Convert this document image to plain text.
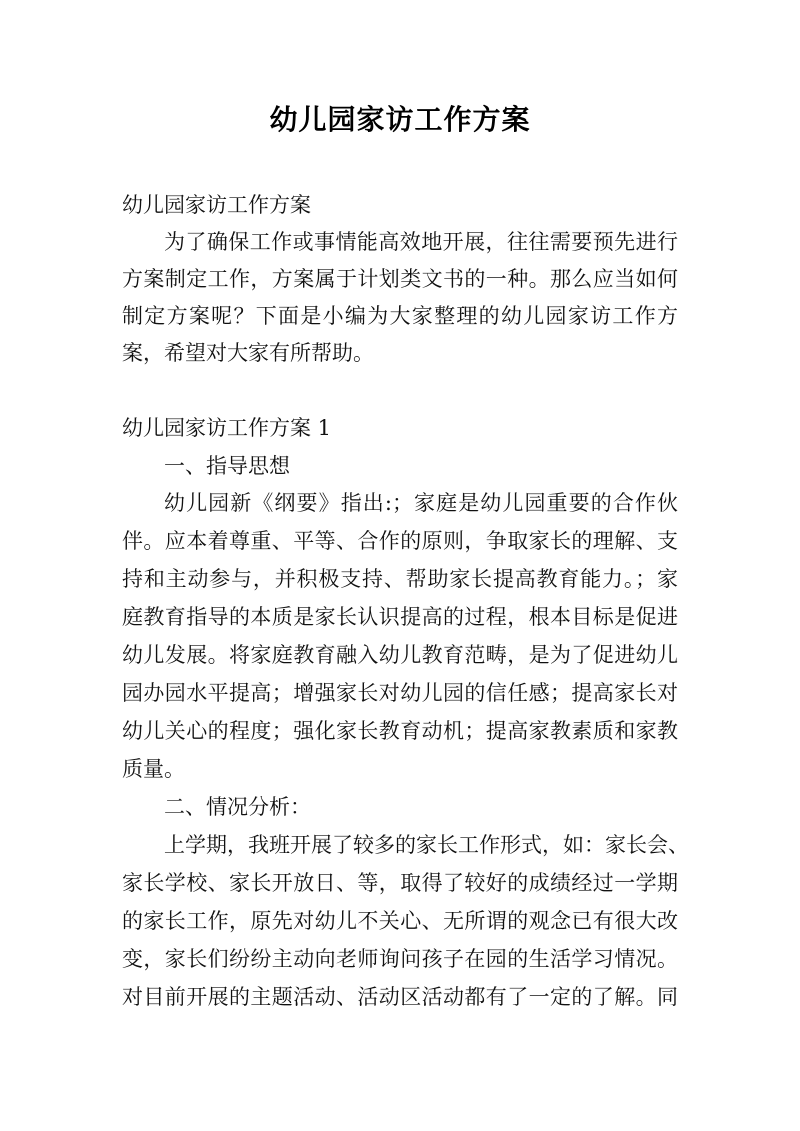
幼儿园家访工作方案
幼儿园家访工作方案
为了确保工作或事情能高效地开展，往往需要预先进行
方案制定工作，方案属于计划类文书的一种。那么应当如何
制定方案呢？下面是小编为大家整理的幼儿园家访工作方
案，希望对大家有所帮助。
幼儿园家访工作方案 1
一、指导思想
幼儿园新《纲要》指出:；家庭是幼儿园重要的合作伙
伴。应本着尊重、平等、合作的原则，争取家长的理解、支
持和主动参与，并积极支持、帮助家长提高教育能力。；家
庭教育指导的本质是家长认识提高的过程，根本目标是促进
幼儿发展。将家庭教育融入幼儿教育范畴，是为了促进幼儿
园办园水平提高；增强家长对幼儿园的信任感；提高家长对
幼儿关心的程度；强化家长教育动机；提高家教素质和家教
质量。
二、情况分析：
上学期，我班开展了较多的家长工作形式，如：家长会、
家长学校、家长开放日、等，取得了较好的成绩经过一学期
的家长工作，原先对幼儿不关心、无所谓的观念已有很大改
变，家长们纷纷主动向老师询问孩子在园的生活学习情况。
对目前开展的主题活动、活动区活动都有了一定的了解。同
